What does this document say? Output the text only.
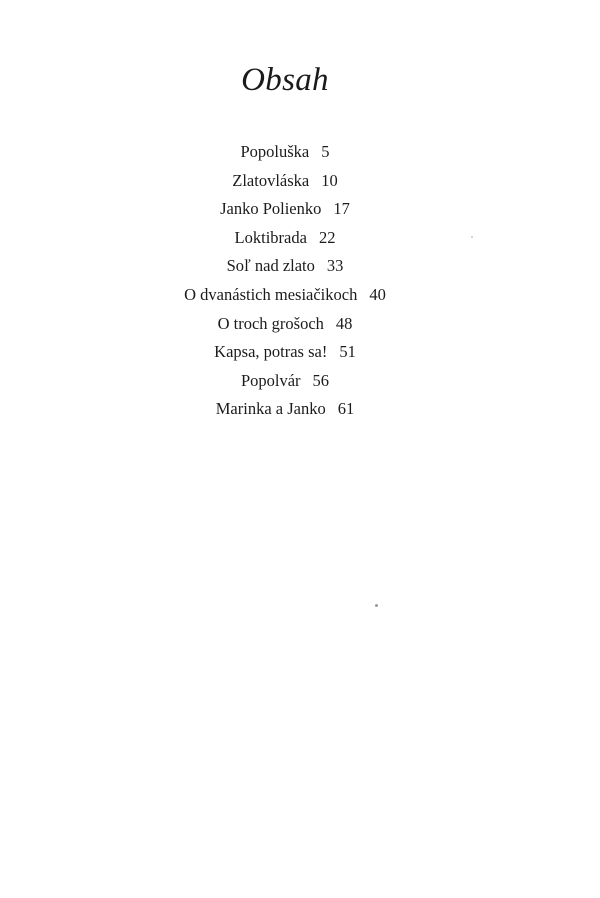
Obsah
Popoluška 5
Zlatovláska 10
Janko Polienko 17
Loktibrada 22
Soľ nad zlato 33
O dvanástich mesiačikoch 40
O troch grošoch 48
Kapsa, potras sa! 51
Popolvár 56
Marinka a Janko 61
